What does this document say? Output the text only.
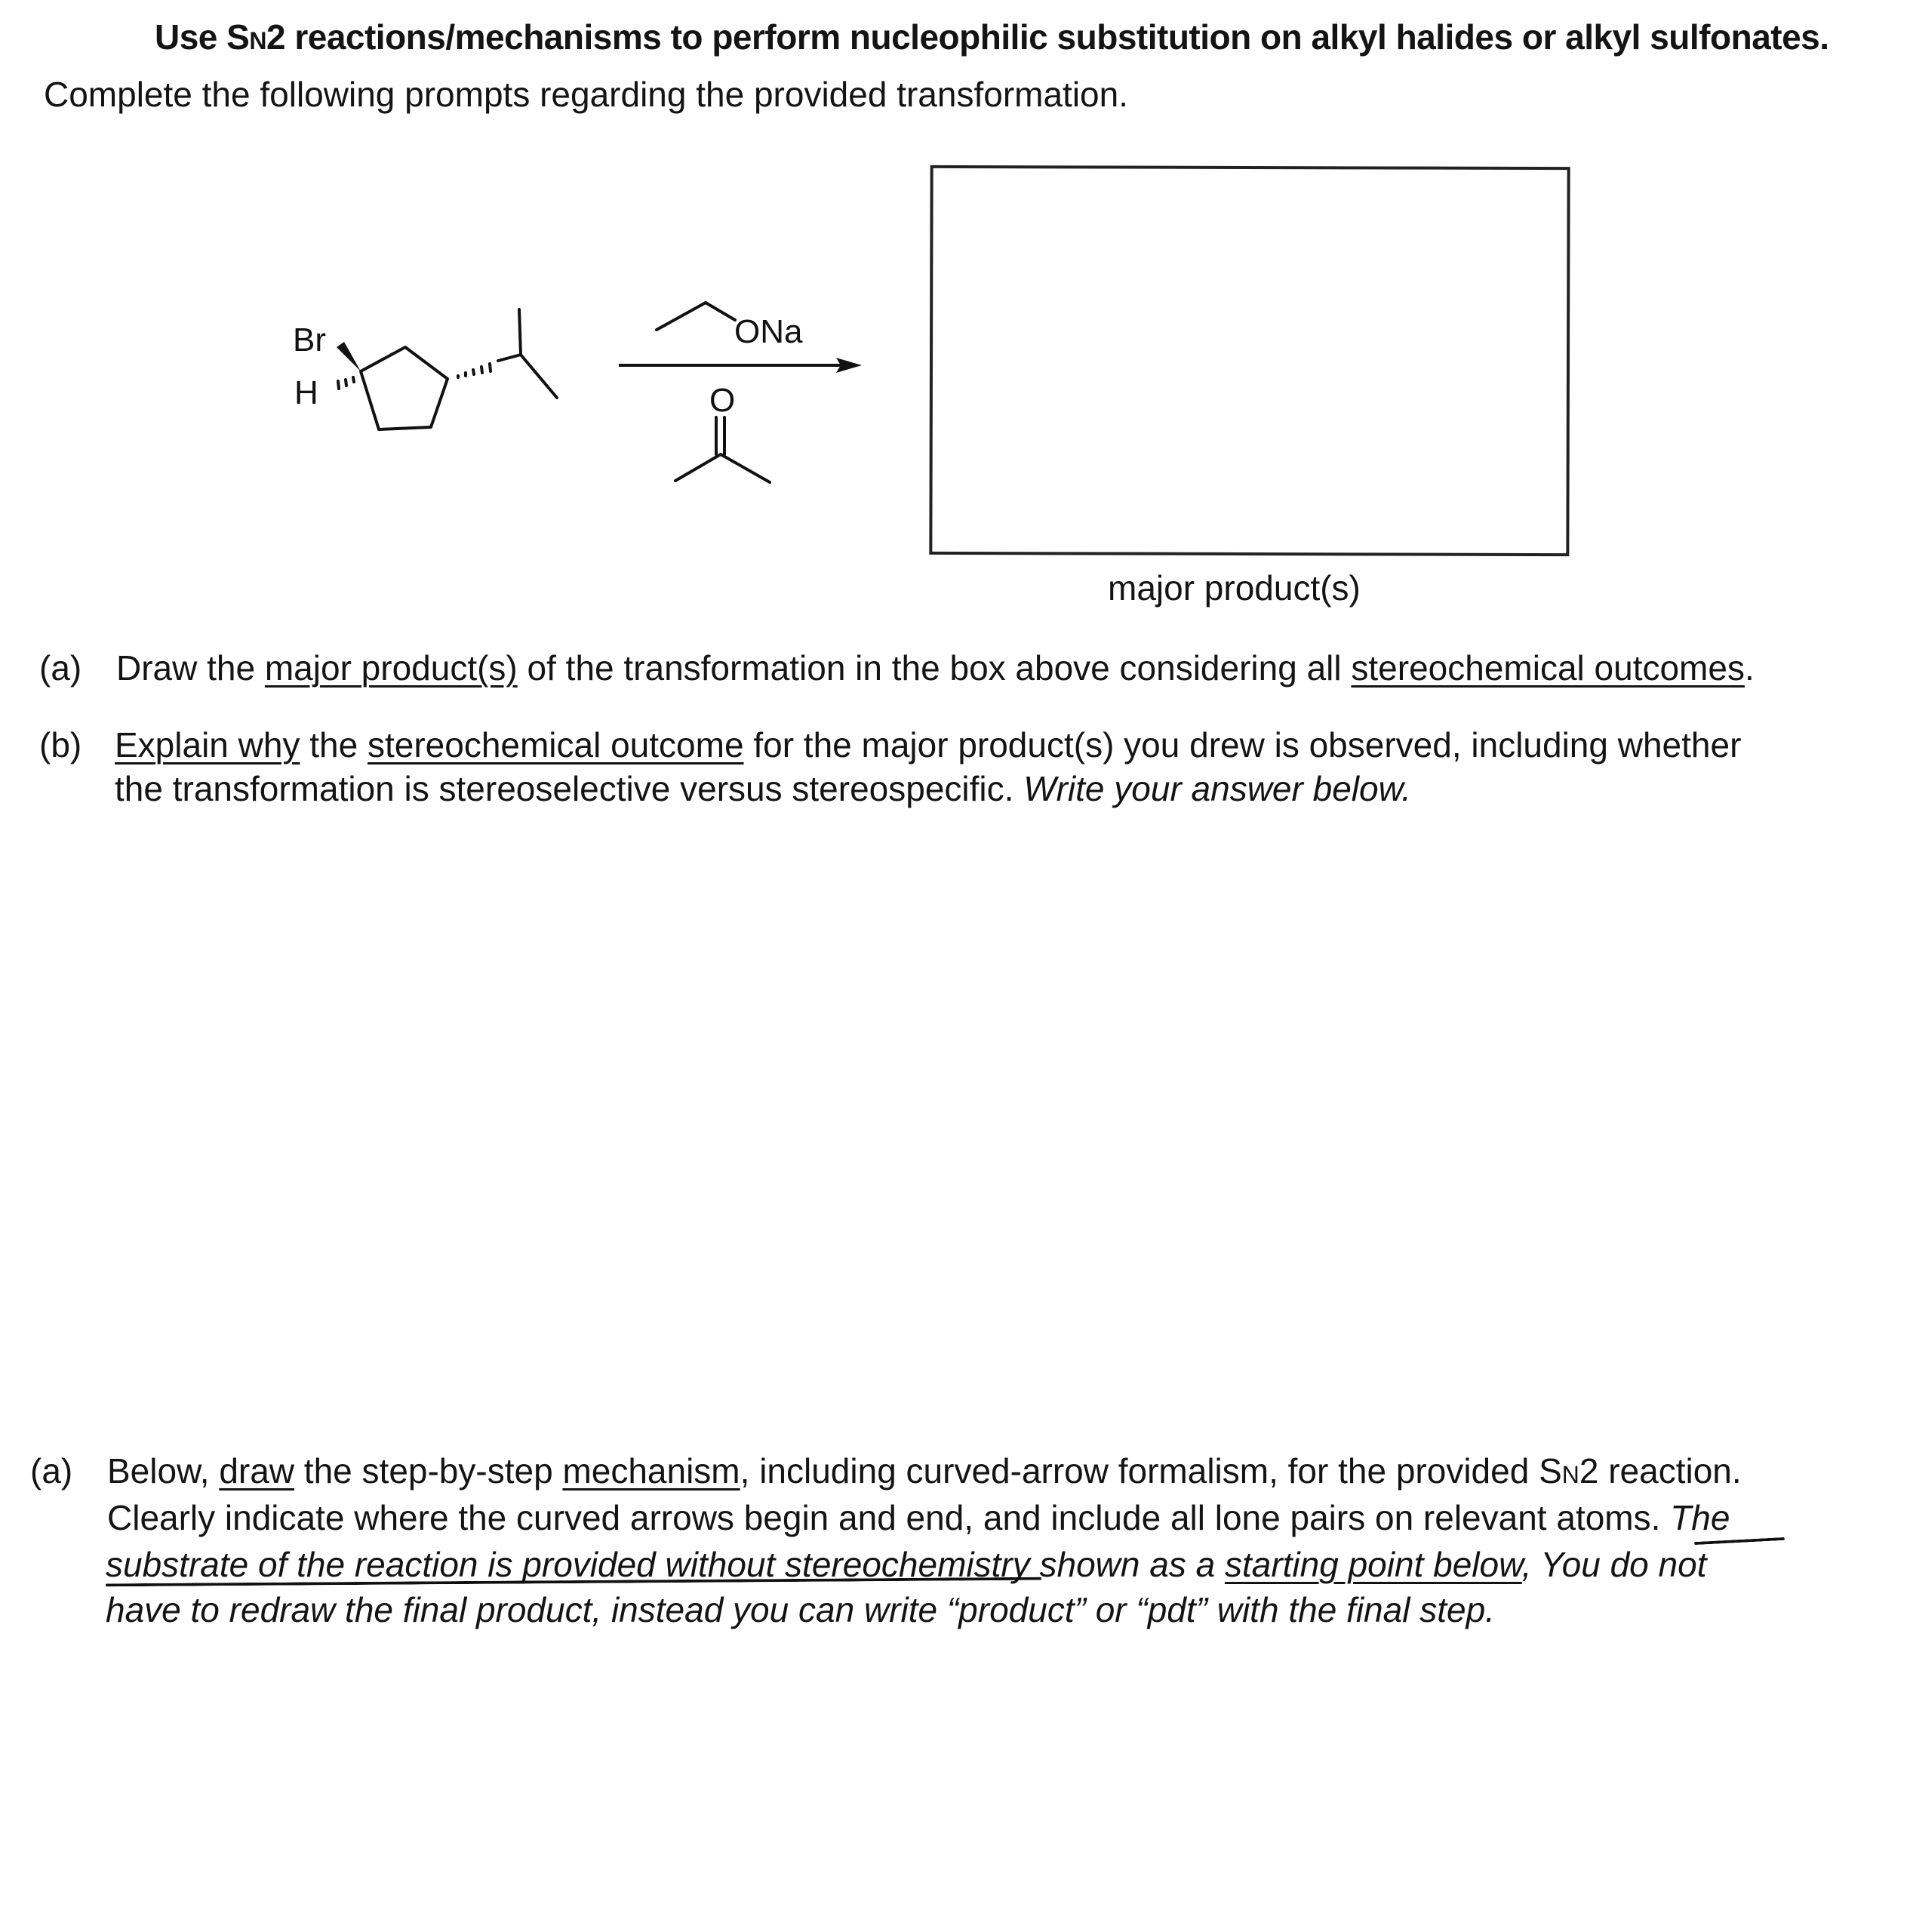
Use SN2 reactions/mechanisms to perform nucleophilic substitution on alkyl halides or alkyl sulfonates.
Complete the following prompts regarding the provided transformation.
Br
H
ONa
O
major product(s)
(a) Draw the major product(s) of the transformation in the box above considering all stereochemical outcomes.
(b) Explain why the stereochemical outcome for the major product(s) you drew is observed, including whether
the transformation is stereoselective versus stereospecific. Write your answer below.
(a) Below, draw the step-by-step mechanism, including curved-arrow formalism, for the provided SN2 reaction.
Clearly indicate where the curved arrows begin and end, and include all lone pairs on relevant atoms. The
substrate of the reaction is provided without stereochemistry shown as a starting point below, You do not
have to redraw the final product, instead you can write “product” or “pdt” with the final step.
